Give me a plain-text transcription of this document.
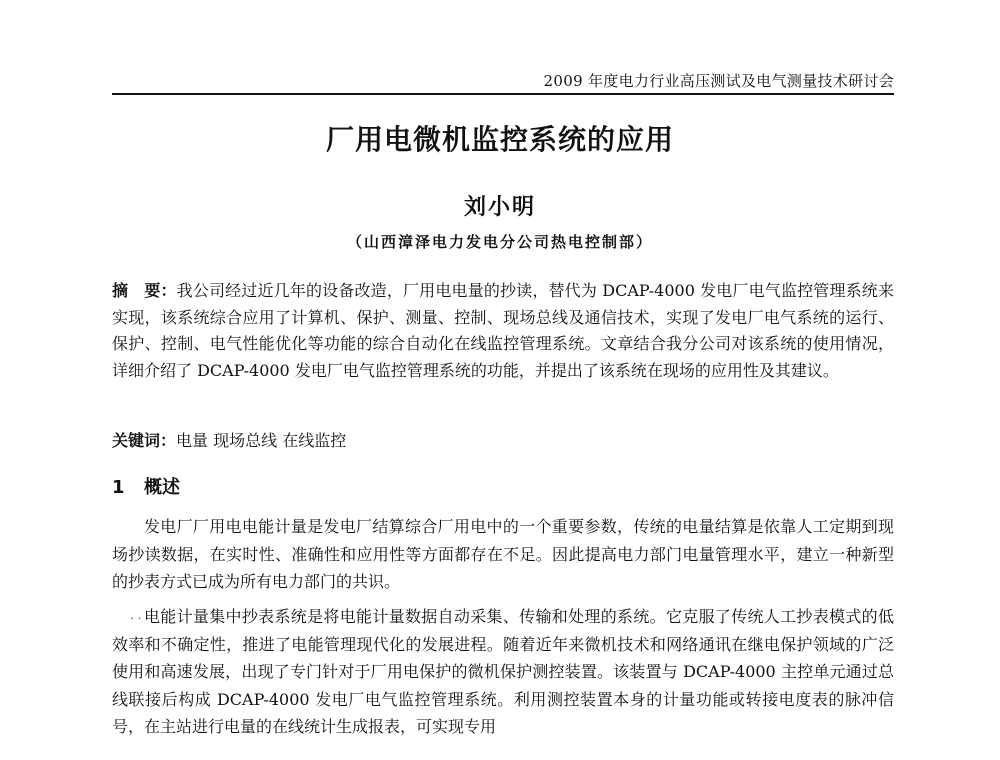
2009 年度电力行业高压测试及电气测量技术研讨会
厂用电微机监控系统的应用
刘小明
（山西漳泽电力发电分公司热电控制部）
摘　要：我公司经过近几年的设备改造，厂用电电量的抄读，替代为 DCAP-4000 发电厂电气监控管理系统来实现，该系统综合应用了计算机、保护、测量、控制、现场总线及通信技术，实现了发电厂电气系统的运行、保护、控制、电气性能优化等功能的综合自动化在线监控管理系统。文章结合我分公司对该系统的使用情况，详细介绍了 DCAP-4000 发电厂电气监控管理系统的功能，并提出了该系统在现场的应用性及其建议。
关键词：电量 现场总线 在线监控
1 概述
发电厂厂用电电能计量是发电厂结算综合厂用电中的一个重要参数，传统的电量结算是依靠人工定期到现场抄读数据，在实时性、准确性和应用性等方面都存在不足。因此提高电力部门电量管理水平，建立一种新型的抄表方式已成为所有电力部门的共识。
. . .
电能计量集中抄表系统是将电能计量数据自动采集、传输和处理的系统。它克服了传统人工抄表模式的低效率和不确定性，推进了电能管理现代化的发展进程。随着近年来微机技术和网络通讯在继电保护领域的广泛使用和高速发展，出现了专门针对于厂用电保护的微机保护测控装置。该装置与 DCAP-4000 主控单元通过总线联接后构成 DCAP-4000 发电厂电气监控管理系统。利用测控装置本身的计量功能或转接电度表的脉冲信号，在主站进行电量的在线统计生成报表，可实现专用
